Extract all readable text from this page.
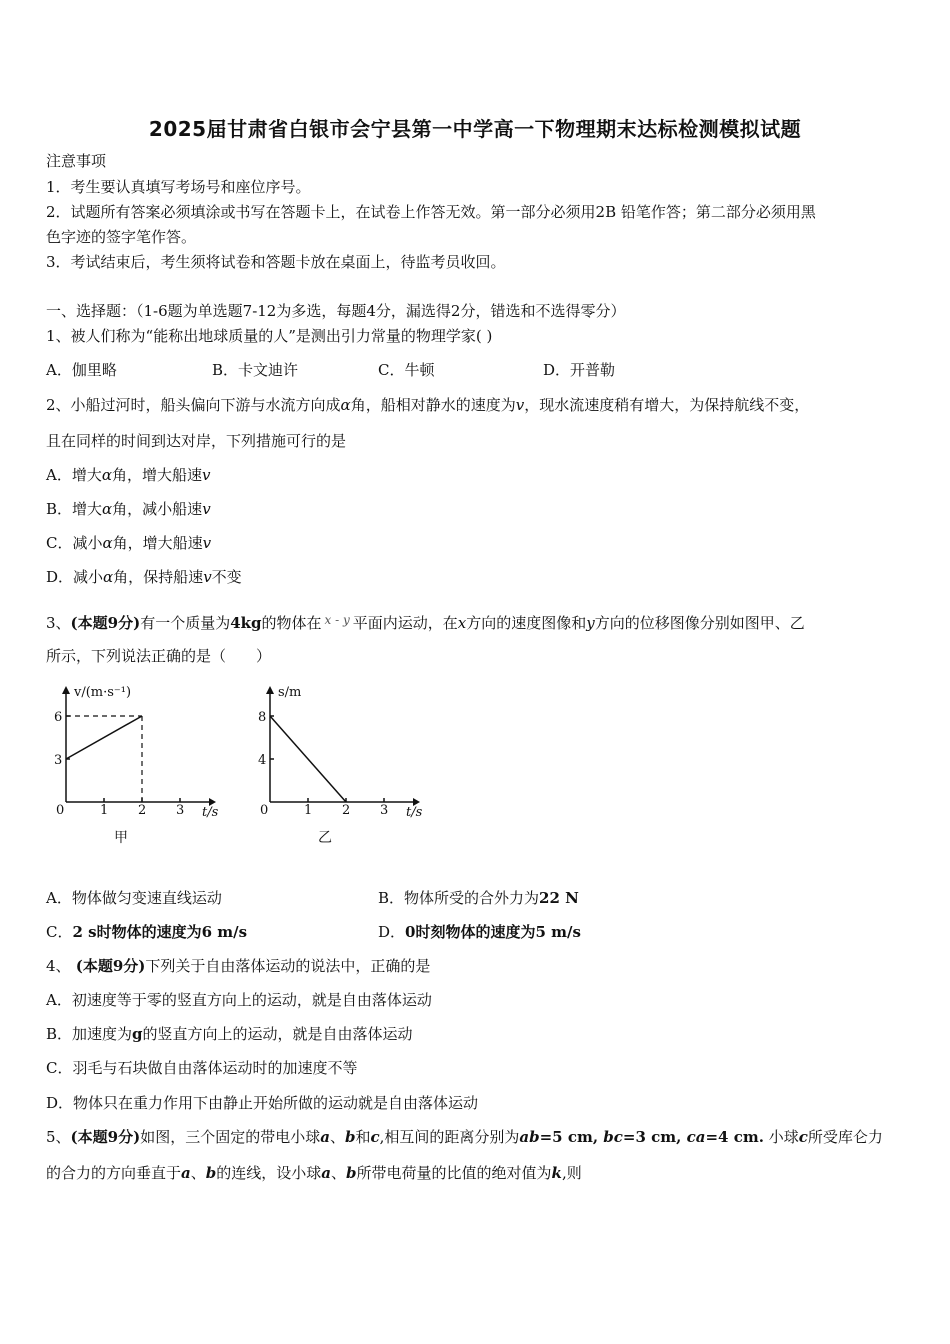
2025届甘肃省白银市会宁县第一中学高一下物理期末达标检测模拟试题
注意事项
1．考生要认真填写考场号和座位序号。
2．试题所有答案必须填涂或书写在答题卡上，在试卷上作答无效。第一部分必须用2B 铅笔作答；第二部分必须用黑
色字迹的签字笔作答。
3．考试结束后，考生须将试卷和答题卡放在桌面上，待监考员收回。
一、选择题：（1-6题为单选题7-12为多选，每题4分，漏选得2分，错选和不选得零分）
1、被人们称为“能称出地球质量的人”是测出引力常量的物理学家( )
A．伽里略	B．卡文迪许	C．牛顿	D．开普勒
2、小船过河时，船头偏向下游与水流方向成α角，船相对静水的速度为v，现水流速度稍有增大，为保持航线不变，
且在同样的时间到达对岸，下列措施可行的是
A．增大α角，增大船速v
B．增大α角，减小船速v
C．减小α角，增大船速v
D．减小α角，保持船速v不变
3、(本题9分)有一个质量为4kg的物体在 $^{x - y}$ 平面内运动，在x方向的速度图像和y方向的位移图像分别如图甲、乙
所示，下列说法正确的是（　　）
0	1 2 3
3
6
t/s
v/(m·s⁻¹)
甲
0	1 2 3
4
8
t/s
s/m
乙
A．物体做匀变速直线运动	B．物体所受的合外力为22 N
C．2 s时物体的速度为6 m/s	D．0时刻物体的速度为5 m/s
4、 (本题9分)下列关于自由落体运动的说法中，正确的是
A．初速度等于零的竖直方向上的运动，就是自由落体运动
B．加速度为g的竖直方向上的运动，就是自由落体运动
C．羽毛与石块做自由落体运动时的加速度不等
D．物体只在重力作用下由静止开始所做的运动就是自由落体运动
5、(本题9分)如图，三个固定的带电小球a、b和c,相互间的距离分别为ab=5 cm, bc=3 cm, ca=4 cm. 小球c所受库仑力
的合力的方向垂直于a、b的连线，设小球a、b所带电荷量的比值的绝对值为k,则
